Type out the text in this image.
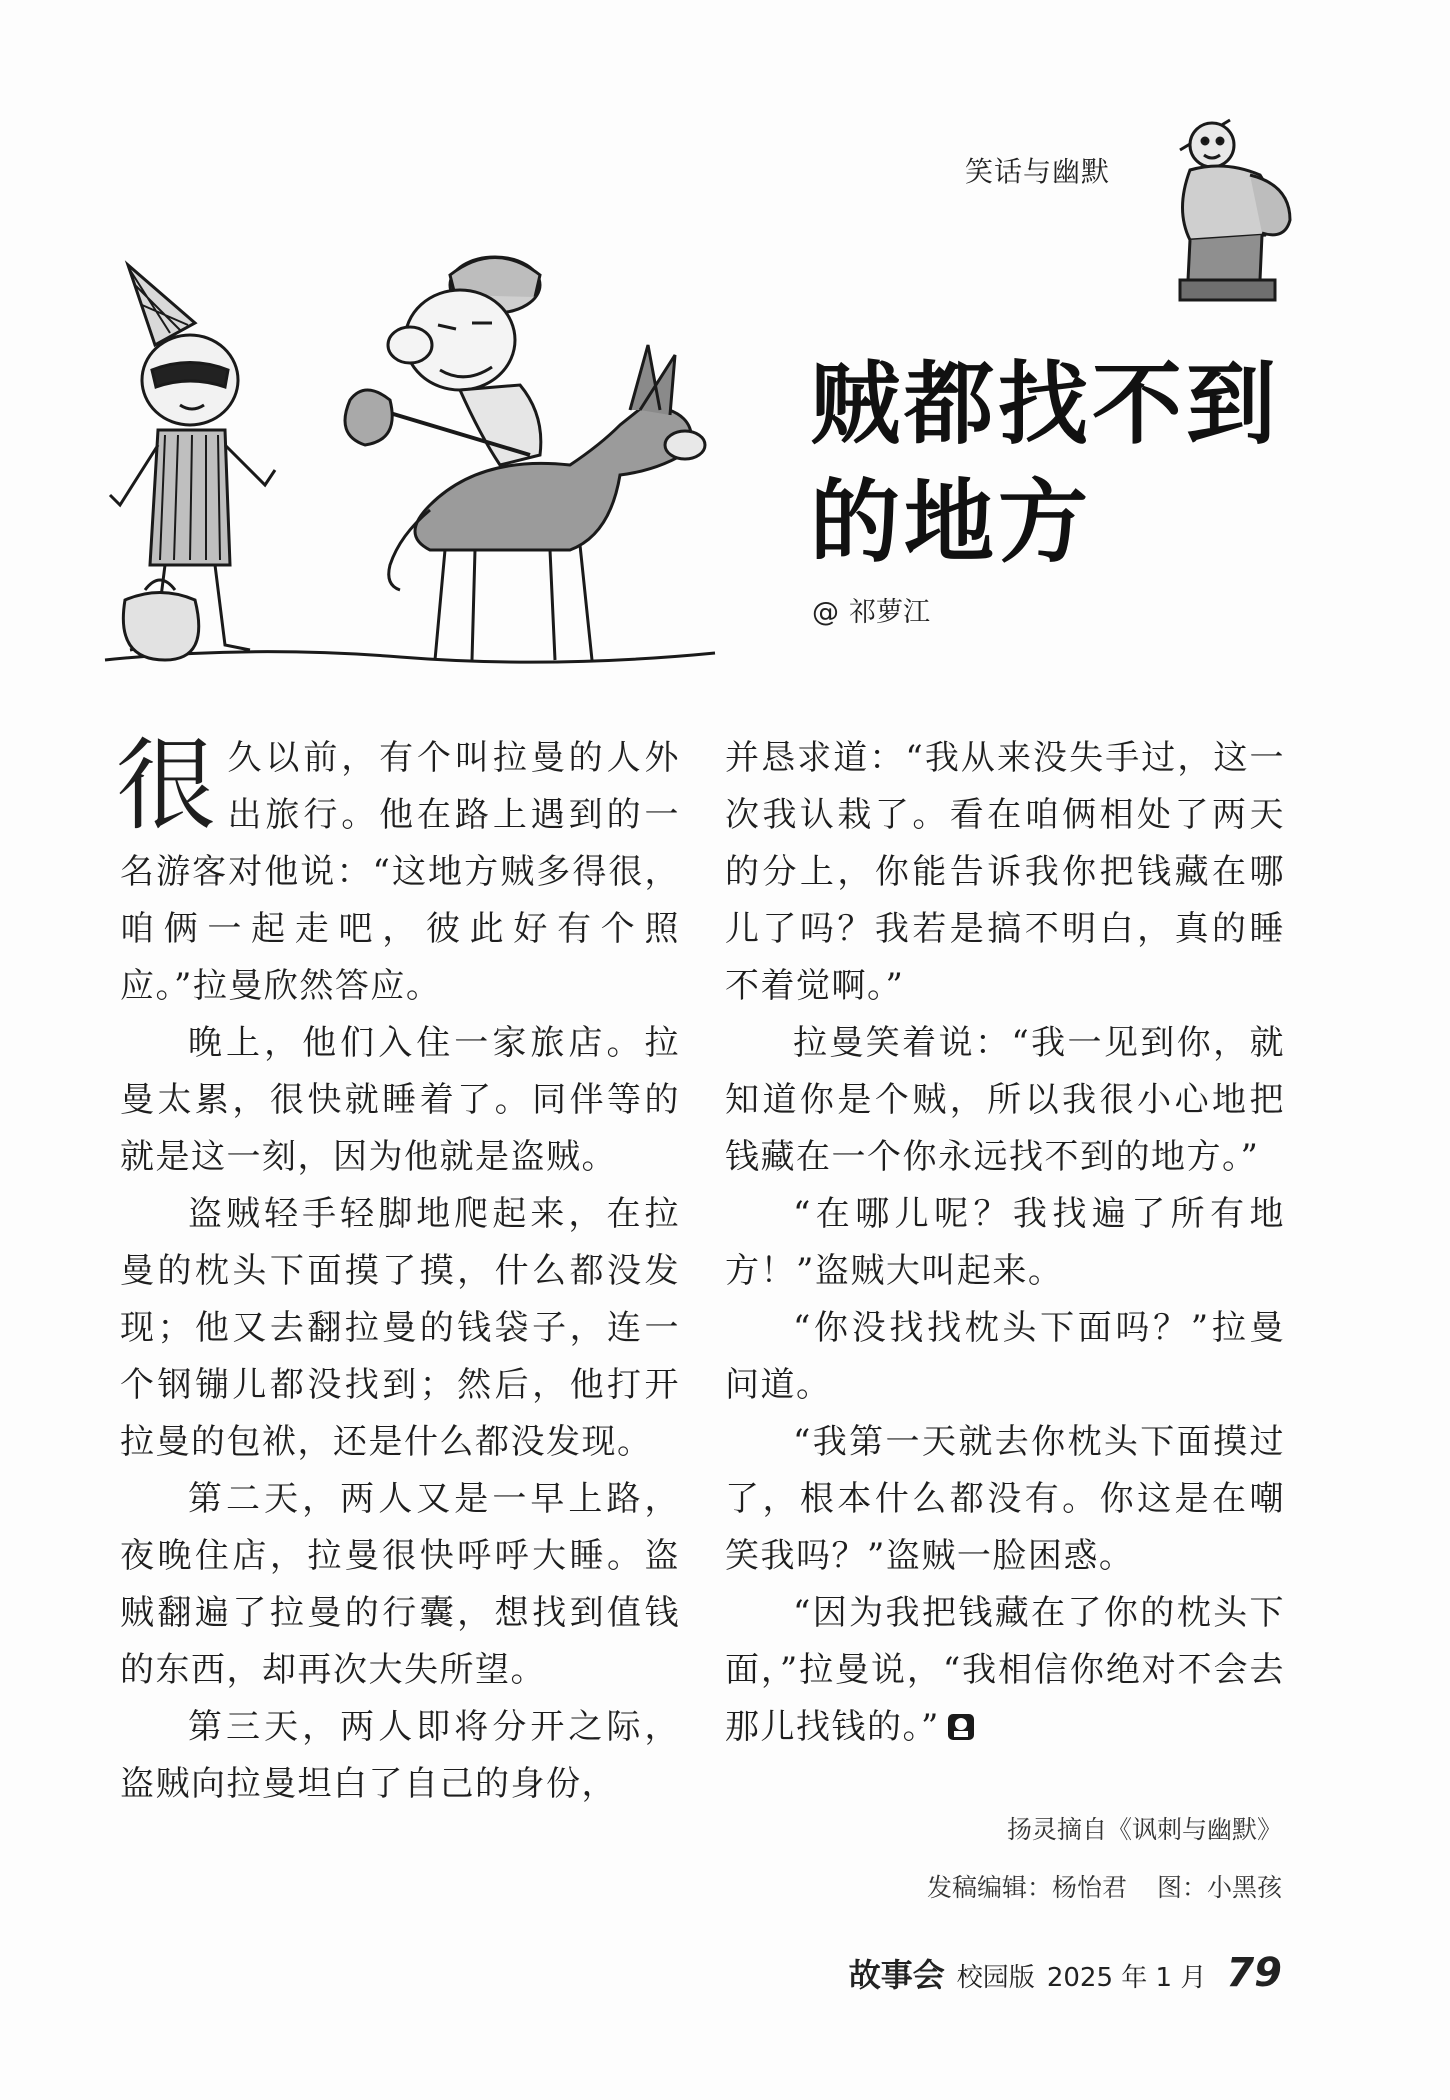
笑话与幽默
贼都找不到
的地方
@ 祁萝江

很久以前，有个叫拉曼的人外出旅行。他在路上遇到的一名游客对他说：“这地方贼多得很，咱俩一起走吧，彼此好有个照应。”拉曼欣然答应。

晚上，他们入住一家旅店。拉曼太累，很快就睡着了。同伴等的就是这一刻，因为他就是盗贼。

盗贼轻手轻脚地爬起来，在拉曼的枕头下面摸了摸，什么都没发现；他又去翻拉曼的钱袋子，连一个钢镚儿都没找到；然后，他打开拉曼的包袱，还是什么都没发现。

第二天，两人又是一早上路，夜晚住店，拉曼很快呼呼大睡。盗贼翻遍了拉曼的行囊，想找到值钱的东西，却再次大失所望。

第三天，两人即将分开之际，盗贼向拉曼坦白了自己的身份，

并恳求道：“我从来没失手过，这一次我认栽了。看在咱俩相处了两天的分上，你能告诉我你把钱藏在哪儿了吗？我若是搞不明白，真的睡不着觉啊。”

拉曼笑着说：“我一见到你，就知道你是个贼，所以我很小心地把钱藏在一个你永远找不到的地方。”

“在哪儿呢？我找遍了所有地方！”盗贼大叫起来。

“你没找找枕头下面吗？”拉曼问道。

“我第一天就去你枕头下面摸过了，根本什么都没有。你这是在嘲笑我吗？”盗贼一脸困惑。

“因为我把钱藏在了你的枕头下面，”拉曼说，“我相信你绝对不会去那儿找钱的。”

扬灵摘自《讽刺与幽默》
发稿编辑：杨怡君 图：小黑孩
故事会 校园版 2025 年 1 月 79
